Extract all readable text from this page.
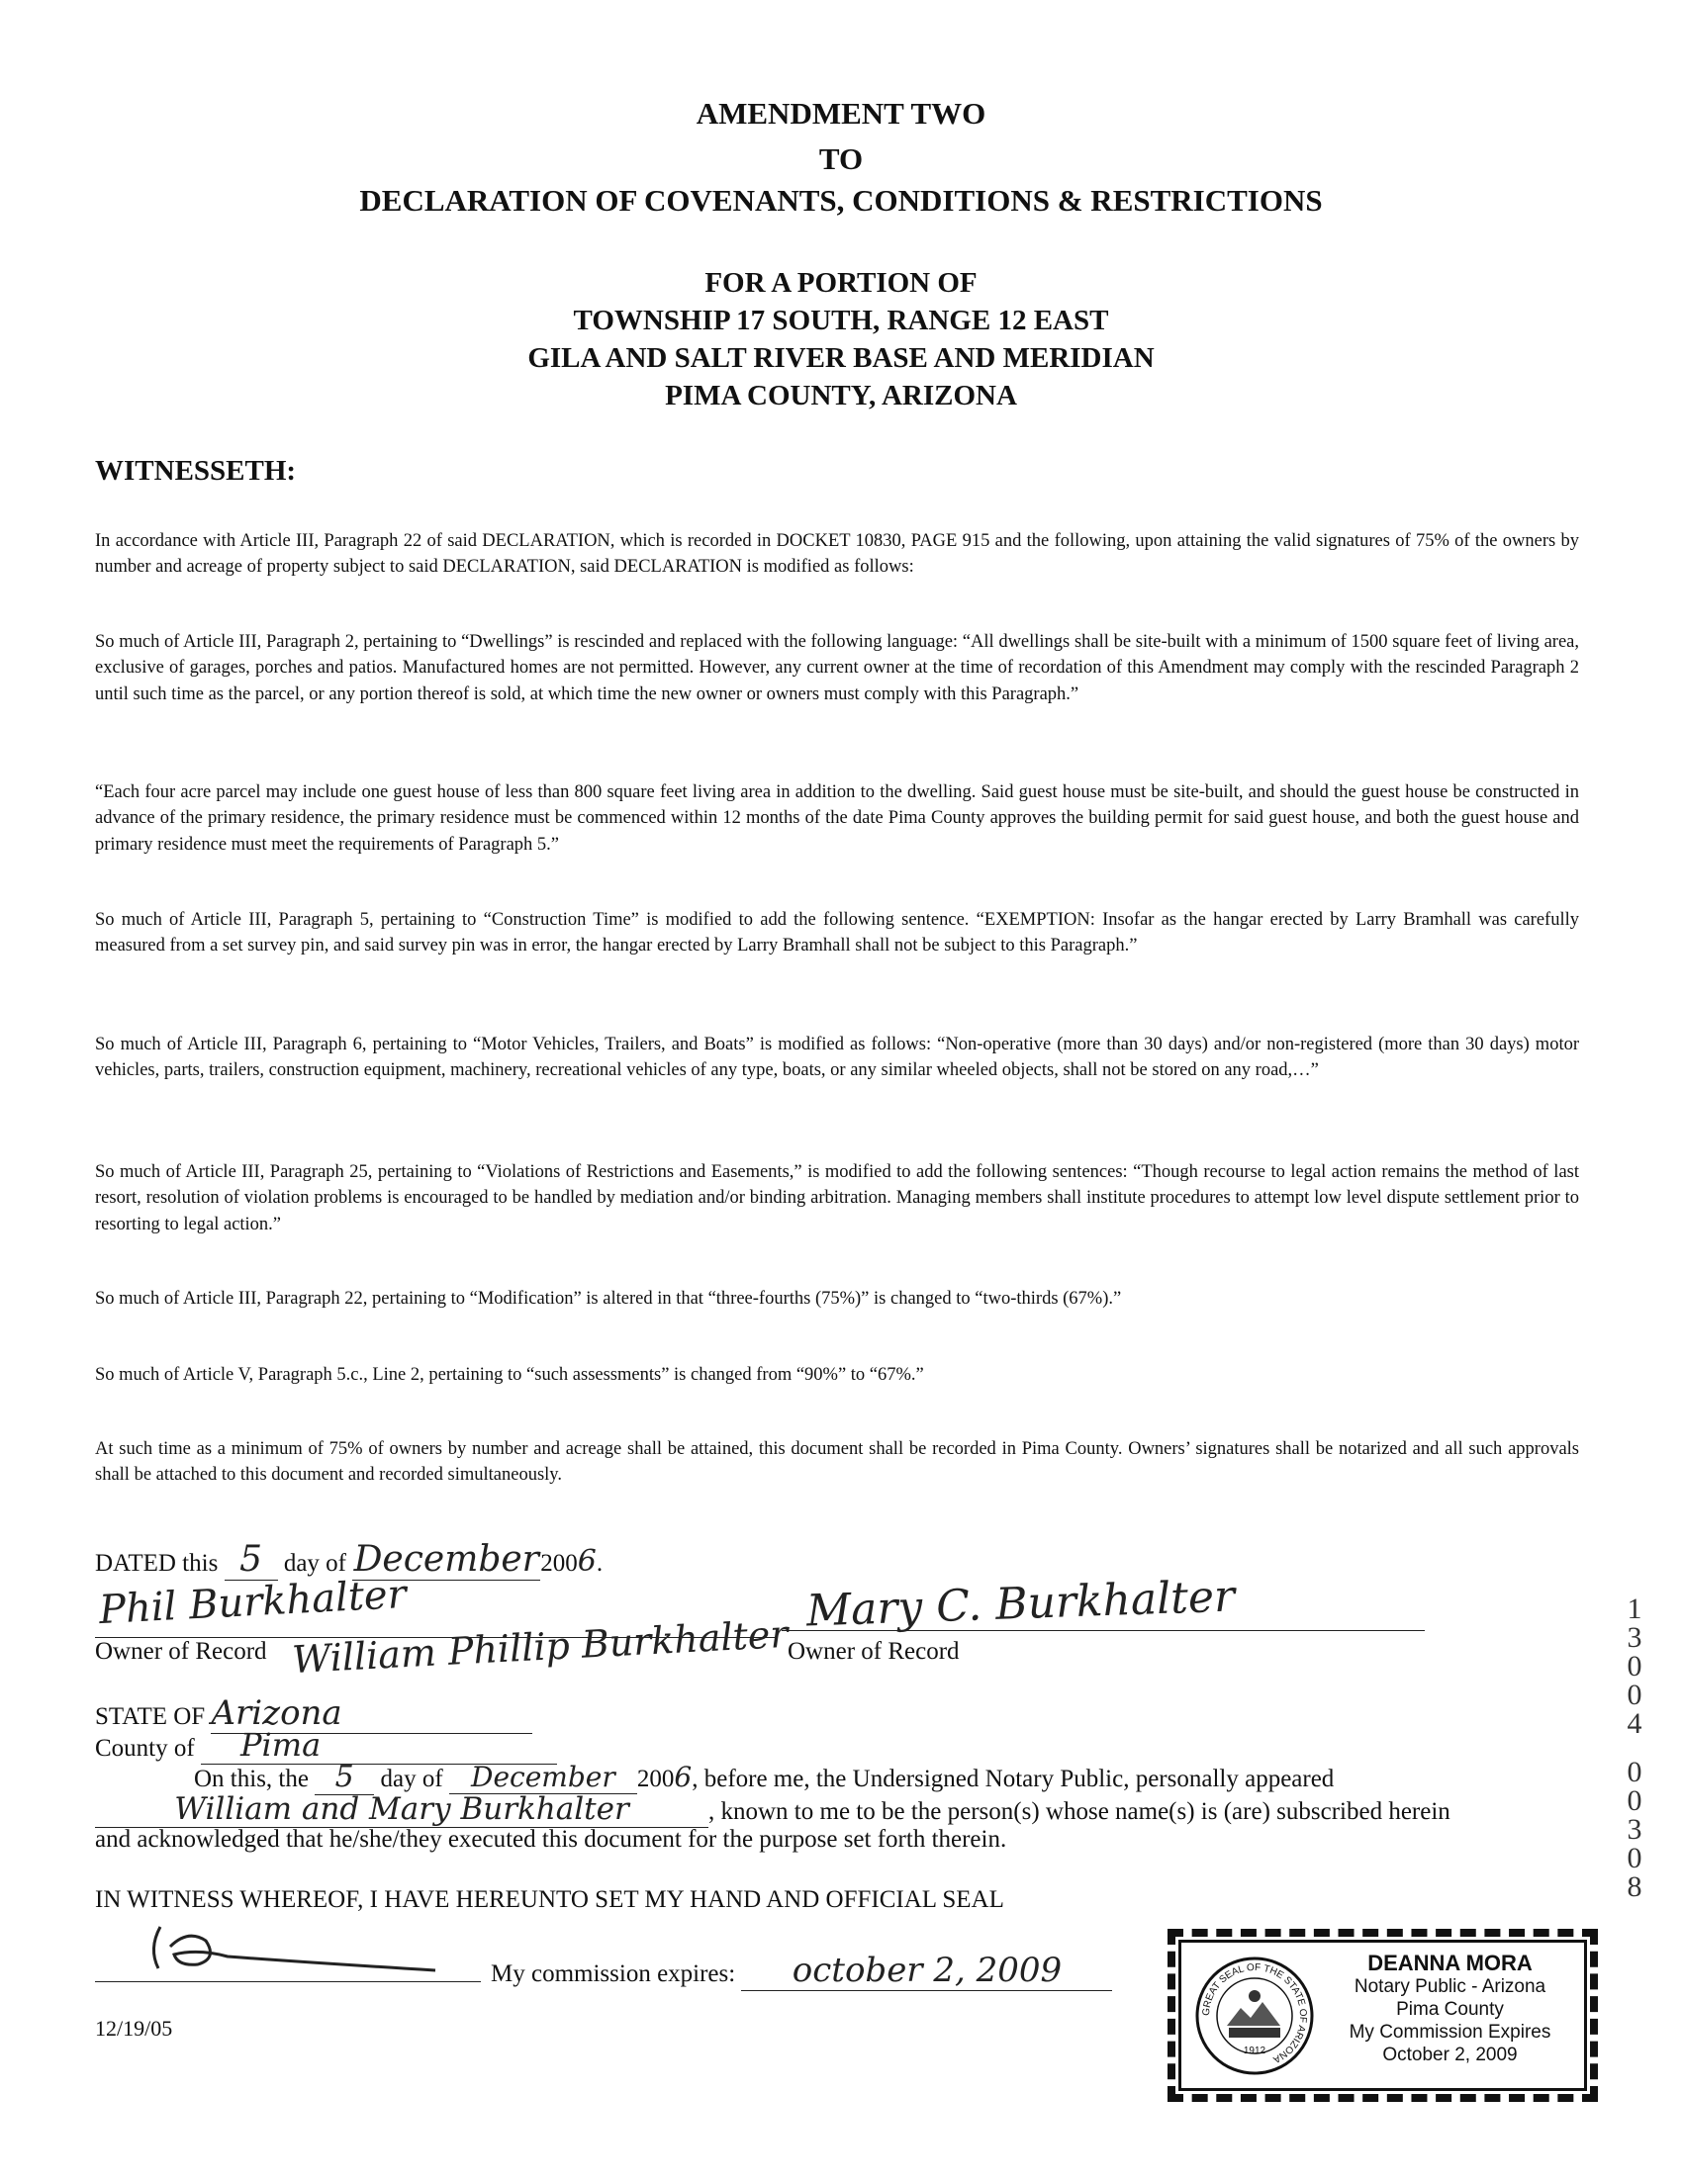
AMENDMENT TWO
TO
DECLARATION OF COVENANTS, CONDITIONS & RESTRICTIONS
FOR A PORTION OF
TOWNSHIP 17 SOUTH, RANGE 12 EAST
GILA AND SALT RIVER BASE AND MERIDIAN
PIMA COUNTY, ARIZONA
WITNESSETH:
In accordance with Article III, Paragraph 22 of said DECLARATION, which is recorded in DOCKET 10830, PAGE 915 and the following, upon attaining the valid signatures of 75% of the owners by number and acreage of property subject to said DECLARATION, said DECLARATION is modified as follows:
So much of Article III, Paragraph 2, pertaining to “Dwellings” is rescinded and replaced with the following language: “All dwellings shall be site-built with a minimum of 1500 square feet of living area, exclusive of garages, porches and patios. Manufactured homes are not permitted. However, any current owner at the time of recordation of this Amendment may comply with the rescinded Paragraph 2 until such time as the parcel, or any portion thereof is sold, at which time the new owner or owners must comply with this Paragraph.”
“Each four acre parcel may include one guest house of less than 800 square feet living area in addition to the dwelling. Said guest house must be site-built, and should the guest house be constructed in advance of the primary residence, the primary residence must be commenced within 12 months of the date Pima County approves the building permit for said guest house, and both the guest house and primary residence must meet the requirements of Paragraph 5.”
So much of Article III, Paragraph 5, pertaining to “Construction Time” is modified to add the following sentence. “EXEMPTION: Insofar as the hangar erected by Larry Bramhall was carefully measured from a set survey pin, and said survey pin was in error, the hangar erected by Larry Bramhall shall not be subject to this Paragraph.”
So much of Article III, Paragraph 6, pertaining to “Motor Vehicles, Trailers, and Boats” is modified as follows: “Non-operative (more than 30 days) and/or non-registered (more than 30 days) motor vehicles, parts, trailers, construction equipment, machinery, recreational vehicles of any type, boats, or any similar wheeled objects, shall not be stored on any road,…”
So much of Article III, Paragraph 25, pertaining to “Violations of Restrictions and Easements,” is modified to add the following sentences: “Though recourse to legal action remains the method of last resort, resolution of violation problems is encouraged to be handled by mediation and/or binding arbitration. Managing members shall institute procedures to attempt low level dispute settlement prior to resorting to legal action.”
So much of Article III, Paragraph 22, pertaining to “Modification” is altered in that “three-fourths (75%)” is changed to “two-thirds (67%).”
So much of Article V, Paragraph 5.c., Line 2, pertaining to “such assessments” is changed from “90%” to “67%.”
At such time as a minimum of 75% of owners by number and acreage shall be attained, this document shall be recorded in Pima County. Owners’ signatures shall be notarized and all such approvals shall be attached to this document and recorded simultaneously.
DATED this 5 day of December2006.
Phil Burkhalter
William Phillip Burkhalter
Mary C. Burkhalter
Owner of Record	Owner of Record
STATE OF Arizona
County of Pima
On this, the 5 day of December 2006, before me, the Undersigned Notary Public, personally appeared
William and Mary Burkhalter	, known to me to be the person(s) whose name(s) is (are) subscribed herein
and acknowledged that he/she/they executed this document for the purpose set forth therein.
IN WITNESS WHEREOF, I HAVE HEREUNTO SET MY HAND AND OFFICIAL SEAL
My commission expires: october 2, 2009
12/19/05
1
3
0
0
4
0
0
3
0
8
GREAT SEAL OF THE STATE OF ARIZONA
1912
DEANNA MORA
Notary Public - Arizona
Pima County
My Commission Expires
October 2, 2009
